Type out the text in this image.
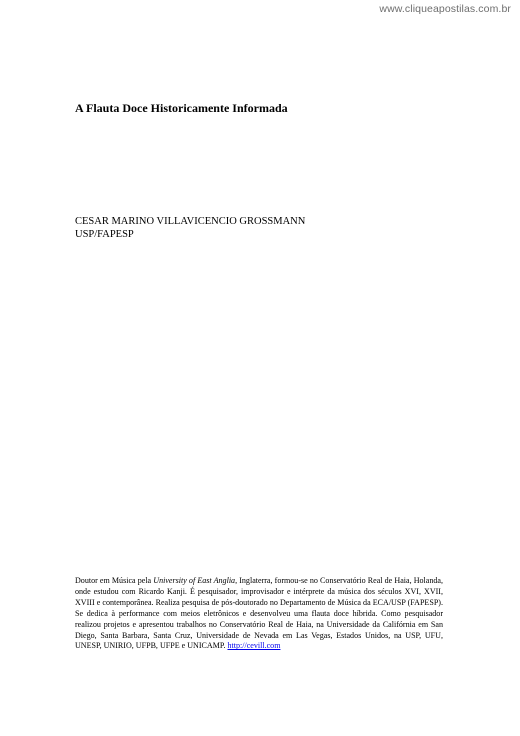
www.cliqueapostilas.com.br
A Flauta Doce Historicamente Informada
CESAR MARINO VILLAVICENCIO GROSSMANN
USP/FAPESP

Doutor em Música pela University of East Anglia, Inglaterra, formou-se no Conservatório Real de Haia, Holanda, onde estudou com Ricardo Kanji. É pesquisador, improvisador e intérprete da música dos séculos XVI, XVII, XVIII e contemporânea. Realiza pesquisa de pós-doutorado no Departamento de Música da ECA/USP (FAPESP). Se dedica à performance com meios eletrônicos e desenvolveu uma flauta doce híbrida. Como pesquisador realizou projetos e apresentou trabalhos no Conservatório Real de Haia, na Universidade da Califórnia em San Diego, Santa Barbara, Santa Cruz, Universidade de Nevada em Las Vegas, Estados Unidos, na USP, UFU, UNESP, UNIRIO, UFPB, UFPE e UNICAMP. http://cevill.com
